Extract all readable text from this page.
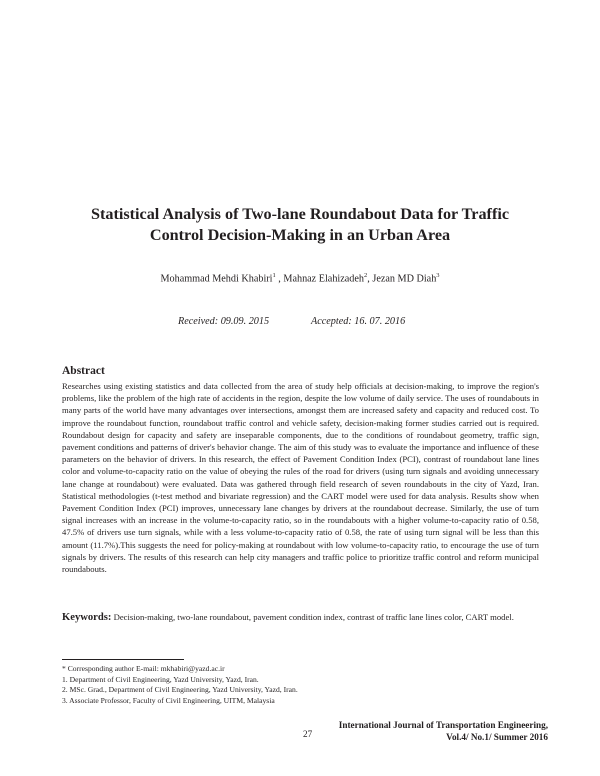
Statistical Analysis of Two-lane Roundabout Data for Traffic
Control Decision-Making in an Urban Area
Mohammad Mehdi Khabiri$^1$ , Mahnaz Elahizadeh$^2$, Jezan MD Diah$^3$
Received: 09.09. 2015	Accepted: 16. 07. 2016
Abstract
Researches using existing statistics and data collected from the area of study help officials at decision-making, to improve the region's problems, like the problem of the high rate of accidents in the region, despite the low volume of daily service. The uses of roundabouts in many parts of the world have many advantages over intersections, amongst them are increased safety and capacity and reduced cost. To improve the roundabout function, roundabout traffic control and vehicle safety, decision-making former studies carried out is required. Roundabout design for capacity and safety are inseparable components, due to the conditions of roundabout geometry, traffic sign, pavement conditions and patterns of driver's behavior change. The aim of this study was to evaluate the importance and influence of these parameters on the behavior of drivers. In this research, the effect of Pavement Condition Index (PCI), contrast of roundabout lane lines color and volume-to-capacity ratio on the value of obeying the rules of the road for drivers (using turn signals and avoiding unnecessary lane change at roundabout) were evaluated. Data was gathered through field research of seven roundabouts in the city of Yazd, Iran. Statistical methodologies (t-test method and bivariate regression) and the CART model were used for data analysis. Results show when Pavement Condition Index (PCI) improves, unnecessary lane changes by drivers at the roundabout decrease. Similarly, the use of turn signal increases with an increase in the volume-to-capacity ratio, so in the roundabouts with a higher volume-to-capacity ratio of 0.58, 47.5% of drivers use turn signals, while with a less volume-to-capacity ratio of 0.58, the rate of using turn signal will be less than this amount (11.7%).This suggests the need for policy-making at roundabout with low volume-to-capacity ratio, to encourage the use of turn signals by drivers. The results of this research can help city managers and traffic police to prioritize traffic control and reform municipal roundabouts.
Keywords: Decision-making, two-lane roundabout, pavement condition index, contrast of traffic lane lines color, CART model.
* Corresponding author E-mail: mkhabiri@yazd.ac.ir
1. Department of Civil Engineering, Yazd University, Yazd, Iran.
2. MSc. Grad., Department of Civil Engineering, Yazd University, Yazd, Iran.
3. Associate Professor, Faculty of Civil Engineering, UITM, Malaysia
27
International Journal of Transportation Engineering,
Vol.4/ No.1/ Summer 2016
